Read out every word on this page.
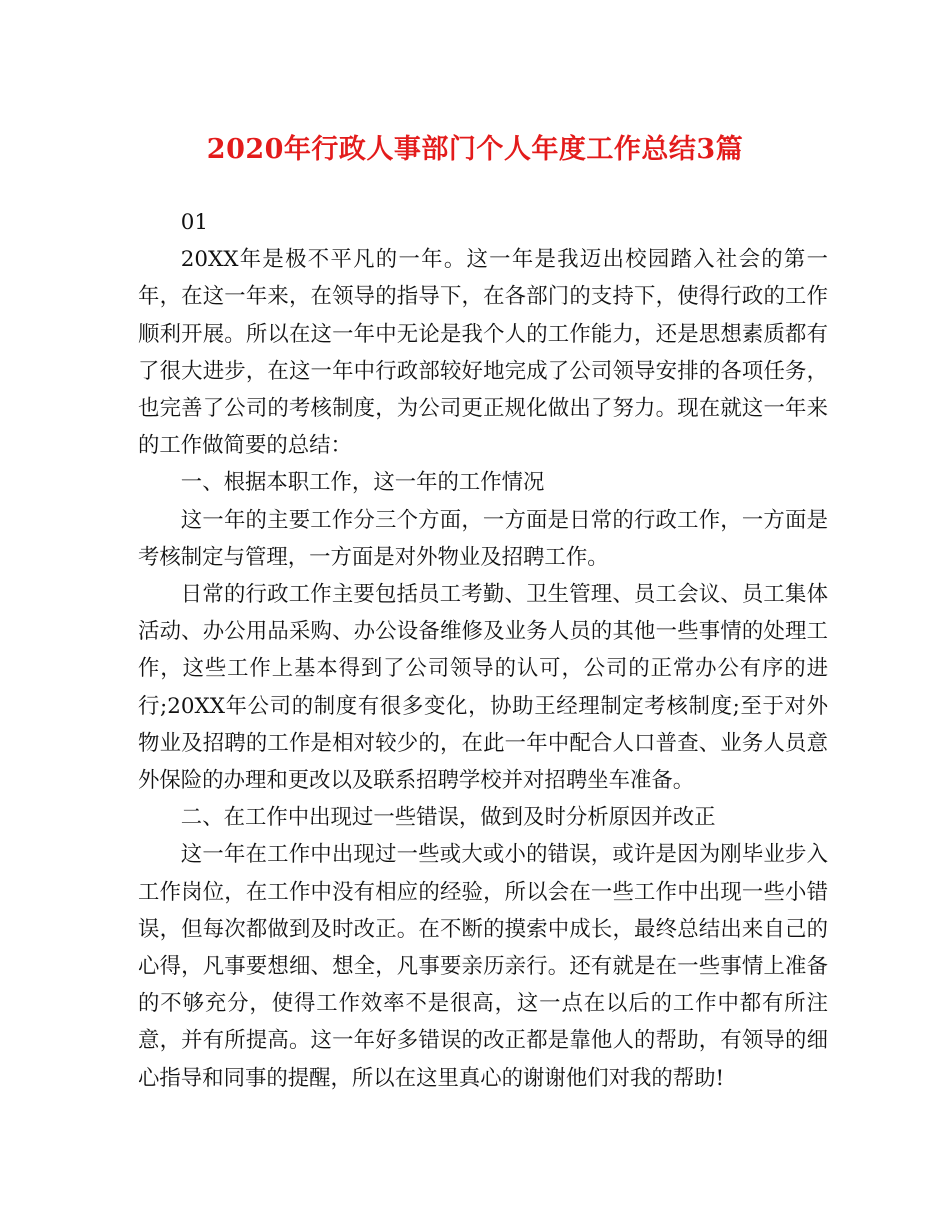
2020年行政人事部门个人年度工作总结3篇

01

20XX年是极不平凡的一年。这一年是我迈出校园踏入社会的第一年，在这一年来，在领导的指导下，在各部门的支持下，使得行政的工作顺利开展。所以在这一年中无论是我个人的工作能力，还是思想素质都有了很大进步，在这一年中行政部较好地完成了公司领导安排的各项任务，也完善了公司的考核制度，为公司更正规化做出了努力。现在就这一年来的工作做简要的总结：

一、根据本职工作，这一年的工作情况

这一年的主要工作分三个方面，一方面是日常的行政工作，一方面是考核制定与管理，一方面是对外物业及招聘工作。

日常的行政工作主要包括员工考勤、卫生管理、员工会议、员工集体活动、办公用品采购、办公设备维修及业务人员的其他一些事情的处理工作，这些工作上基本得到了公司领导的认可，公司的正常办公有序的进行;20XX年公司的制度有很多变化，协助王经理制定考核制度;至于对外物业及招聘的工作是相对较少的，在此一年中配合人口普查、业务人员意外保险的办理和更改以及联系招聘学校并对招聘坐车准备。

二、在工作中出现过一些错误，做到及时分析原因并改正

这一年在工作中出现过一些或大或小的错误，或许是因为刚毕业步入工作岗位，在工作中没有相应的经验，所以会在一些工作中出现一些小错误，但每次都做到及时改正。在不断的摸索中成长，最终总结出来自己的心得，凡事要想细、想全，凡事要亲历亲行。还有就是在一些事情上准备的不够充分，使得工作效率不是很高，这一点在以后的工作中都有所注意，并有所提高。这一年好多错误的改正都是靠他人的帮助，有领导的细心指导和同事的提醒，所以在这里真心的谢谢他们对我的帮助!
